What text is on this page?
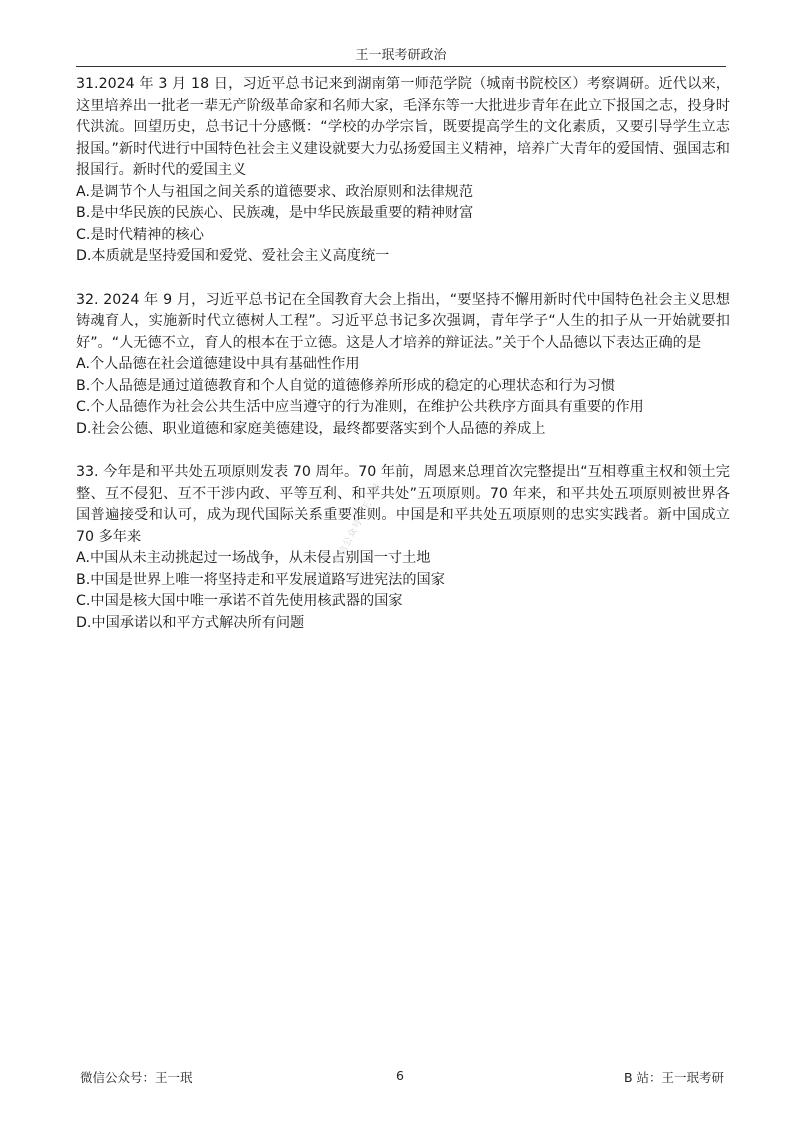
王一珉考研政治

31.2024 年 3 月 18 日，习近平总书记来到湖南第一师范学院（城南书院校区）考察调研。近代以来，这里培养出一批老一辈无产阶级革命家和名师大家，毛泽东等一大批进步青年在此立下报国之志，投身时代洪流。回望历史，总书记十分感慨：“学校的办学宗旨，既要提高学生的文化素质，又要引导学生立志报国。”新时代进行中国特色社会主义建设就要大力弘扬爱国主义精神，培养广大青年的爱国情、强国志和报国行。新时代的爱国主义

A.是调节个人与祖国之间关系的道德要求、政治原则和法律规范
B.是中华民族的民族心、民族魂，是中华民族最重要的精神财富
C.是时代精神的核心
D.本质就是坚持爱国和爱党、爱社会主义高度统一

32. 2024 年 9 月，习近平总书记在全国教育大会上指出，“要坚持不懈用新时代中国特色社会主义思想铸魂育人，实施新时代立德树人工程”。习近平总书记多次强调，青年学子“人生的扣子从一开始就要扣好”。“人无德不立，育人的根本在于立德。这是人才培养的辩证法。”关于个人品德以下表达正确的是

A.个人品德在社会道德建设中具有基础性作用
B.个人品德是通过道德教育和个人自觉的道德修养所形成的稳定的心理状态和行为习惯
C.个人品德作为社会公共生活中应当遵守的行为准则，在维护公共秩序方面具有重要的作用
D.社会公德、职业道德和家庭美德建设，最终都要落实到个人品德的养成上

33. 今年是和平共处五项原则发表 70 周年。70 年前，周恩来总理首次完整提出“互相尊重主权和领土完整、互不侵犯、互不干涉内政、平等互利、和平共处”五项原则。70 年来，和平共处五项原则被世界各国普遍接受和认可，成为现代国际关系重要准则。中国是和平共处五项原则的忠实实践者。新中国成立 70 多年来

A.中国从未主动挑起过一场战争，从未侵占别国一寸土地
B.中国是世界上唯一将坚持走和平发展道路写进宪法的国家
C.中国是核大国中唯一承诺不首先使用核武器的国家
D.中国承诺以和平方式解决所有问题
微信公众号：王一珉
微信公众号：王一珉	6	B 站：王一珉考研
